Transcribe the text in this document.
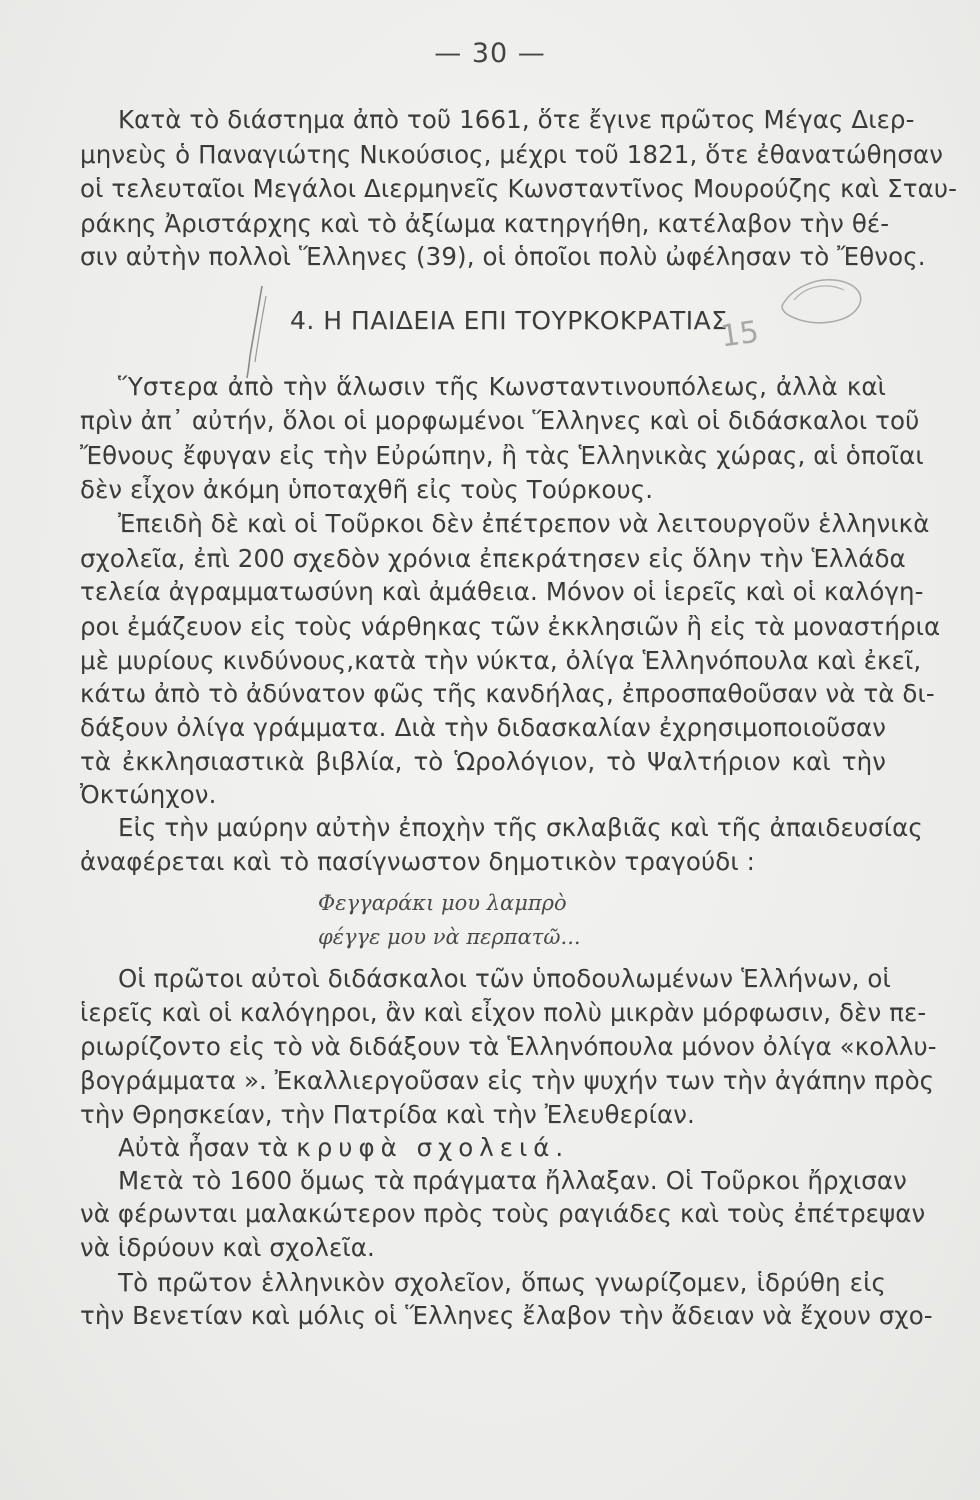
— 30 —
Κατὰ τὸ διάστημα ἀπὸ τοῦ 1661, ὅτε ἔγινε πρῶτος Μέγας Διερ-
μηνεὺς ὁ Παναγιώτης Νικούσιος, μέχρι τοῦ 1821, ὅτε ἐθανατώθησαν
οἱ τελευταῖοι Μεγάλοι Διερμηνεῖς Κωνσταντῖνος Μουρούζης καὶ Σταυ-
ράκης Ἀριστάρχης καὶ τὸ ἀξίωμα κατηργήθη, κατέλαβον τὴν θέ-
σιν αὐτὴν πολλοὶ Ἕλληνες (39), οἱ ὁποῖοι πολὺ ὠφέλησαν τὸ Ἔθνος.
4. Η ΠΑΙΔΕΙΑ ΕΠΙ ΤΟΥΡΚΟΚΡΑΤΙΑΣ
Ὕστερα ἀπὸ τὴν ἅλωσιν τῆς Κωνσταντινουπόλεως, ἀλλὰ καὶ
πρὶν ἀπ᾽ αὐτήν, ὅλοι οἱ μορφωμένοι Ἕλληνες καὶ οἱ διδάσκαλοι τοῦ
Ἔθνους ἔφυγαν εἰς τὴν Εὐρώπην, ἢ τὰς Ἑλληνικὰς χώρας, αἱ ὁποῖαι
δὲν εἶχον ἀκόμη ὑποταχθῆ εἰς τοὺς Τούρκους.
Ἐπειδὴ δὲ καὶ οἱ Τοῦρκοι δὲν ἐπέτρεπον νὰ λειτουργοῦν ἑλληνικὰ
σχολεῖα, ἐπὶ 200 σχεδὸν χρόνια ἐπεκράτησεν εἰς ὅλην τὴν Ἑλλάδα
τελεία ἀγραμματωσύνη καὶ ἀμάθεια. Μόνον οἱ ἱερεῖς καὶ οἱ καλόγη-
ροι ἐμάζευον εἰς τοὺς νάρθηκας τῶν ἐκκλησιῶν ἢ εἰς τὰ μοναστήρια
μὲ μυρίους κινδύνους,κατὰ τὴν νύκτα, ὀλίγα Ἑλληνόπουλα καὶ ἐκεῖ,
κάτω ἀπὸ τὸ ἀδύνατον φῶς τῆς κανδήλας, ἐπροσπαθοῦσαν νὰ τὰ δι-
δάξουν ὀλίγα γράμματα. Διὰ τὴν διδασκαλίαν ἐχρησιμοποιοῦσαν
τὰ ἐκκλησιαστικὰ βιβλία, τὸ Ὡρολόγιον, τὸ Ψαλτήριον καὶ τὴν
Ὀκτώηχον.
Εἰς τὴν μαύρην αὐτὴν ἐποχὴν τῆς σκλαβιᾶς καὶ τῆς ἀπαιδευσίας
ἀναφέρεται καὶ τὸ πασίγνωστον δημοτικὸν τραγούδι :
Φεγγαράκι μου λαμπρὸ
φέγγε μου νὰ περπατῶ...
Οἱ πρῶτοι αὐτοὶ διδάσκαλοι τῶν ὑποδουλωμένων Ἑλλήνων, οἱ
ἱερεῖς καὶ οἱ καλόγηροι, ἂν καὶ εἶχον πολὺ μικρὰν μόρφωσιν, δὲν πε-
ριωρίζοντο εἰς τὸ νὰ διδάξουν τὰ Ἑλληνόπουλα μόνον ὀλίγα «κολλυ-
βογράμματα ». Ἐκαλλιεργοῦσαν εἰς τὴν ψυχήν των τὴν ἀγάπην πρὸς
τὴν Θρησκείαν, τὴν Πατρίδα καὶ τὴν Ἐλευθερίαν.
Αὐτὰ ἦσαν τὰ κρυφὰ σχολειά.
Μετὰ τὸ 1600 ὅμως τὰ πράγματα ἤλλαξαν. Οἱ Τοῦρκοι ἤρχισαν
νὰ φέρωνται μαλακώτερον πρὸς τοὺς ραγιάδες καὶ τοὺς ἐπέτρεψαν
νὰ ἱδρύουν καὶ σχολεῖα.
Τὸ πρῶτον ἑλληνικὸν σχολεῖον, ὅπως γνωρίζομεν, ἱδρύθη εἰς
τὴν Βενετίαν καὶ μόλις οἱ Ἕλληνες ἔλαβον τὴν ἄδειαν νὰ ἔχουν σχο-
15
